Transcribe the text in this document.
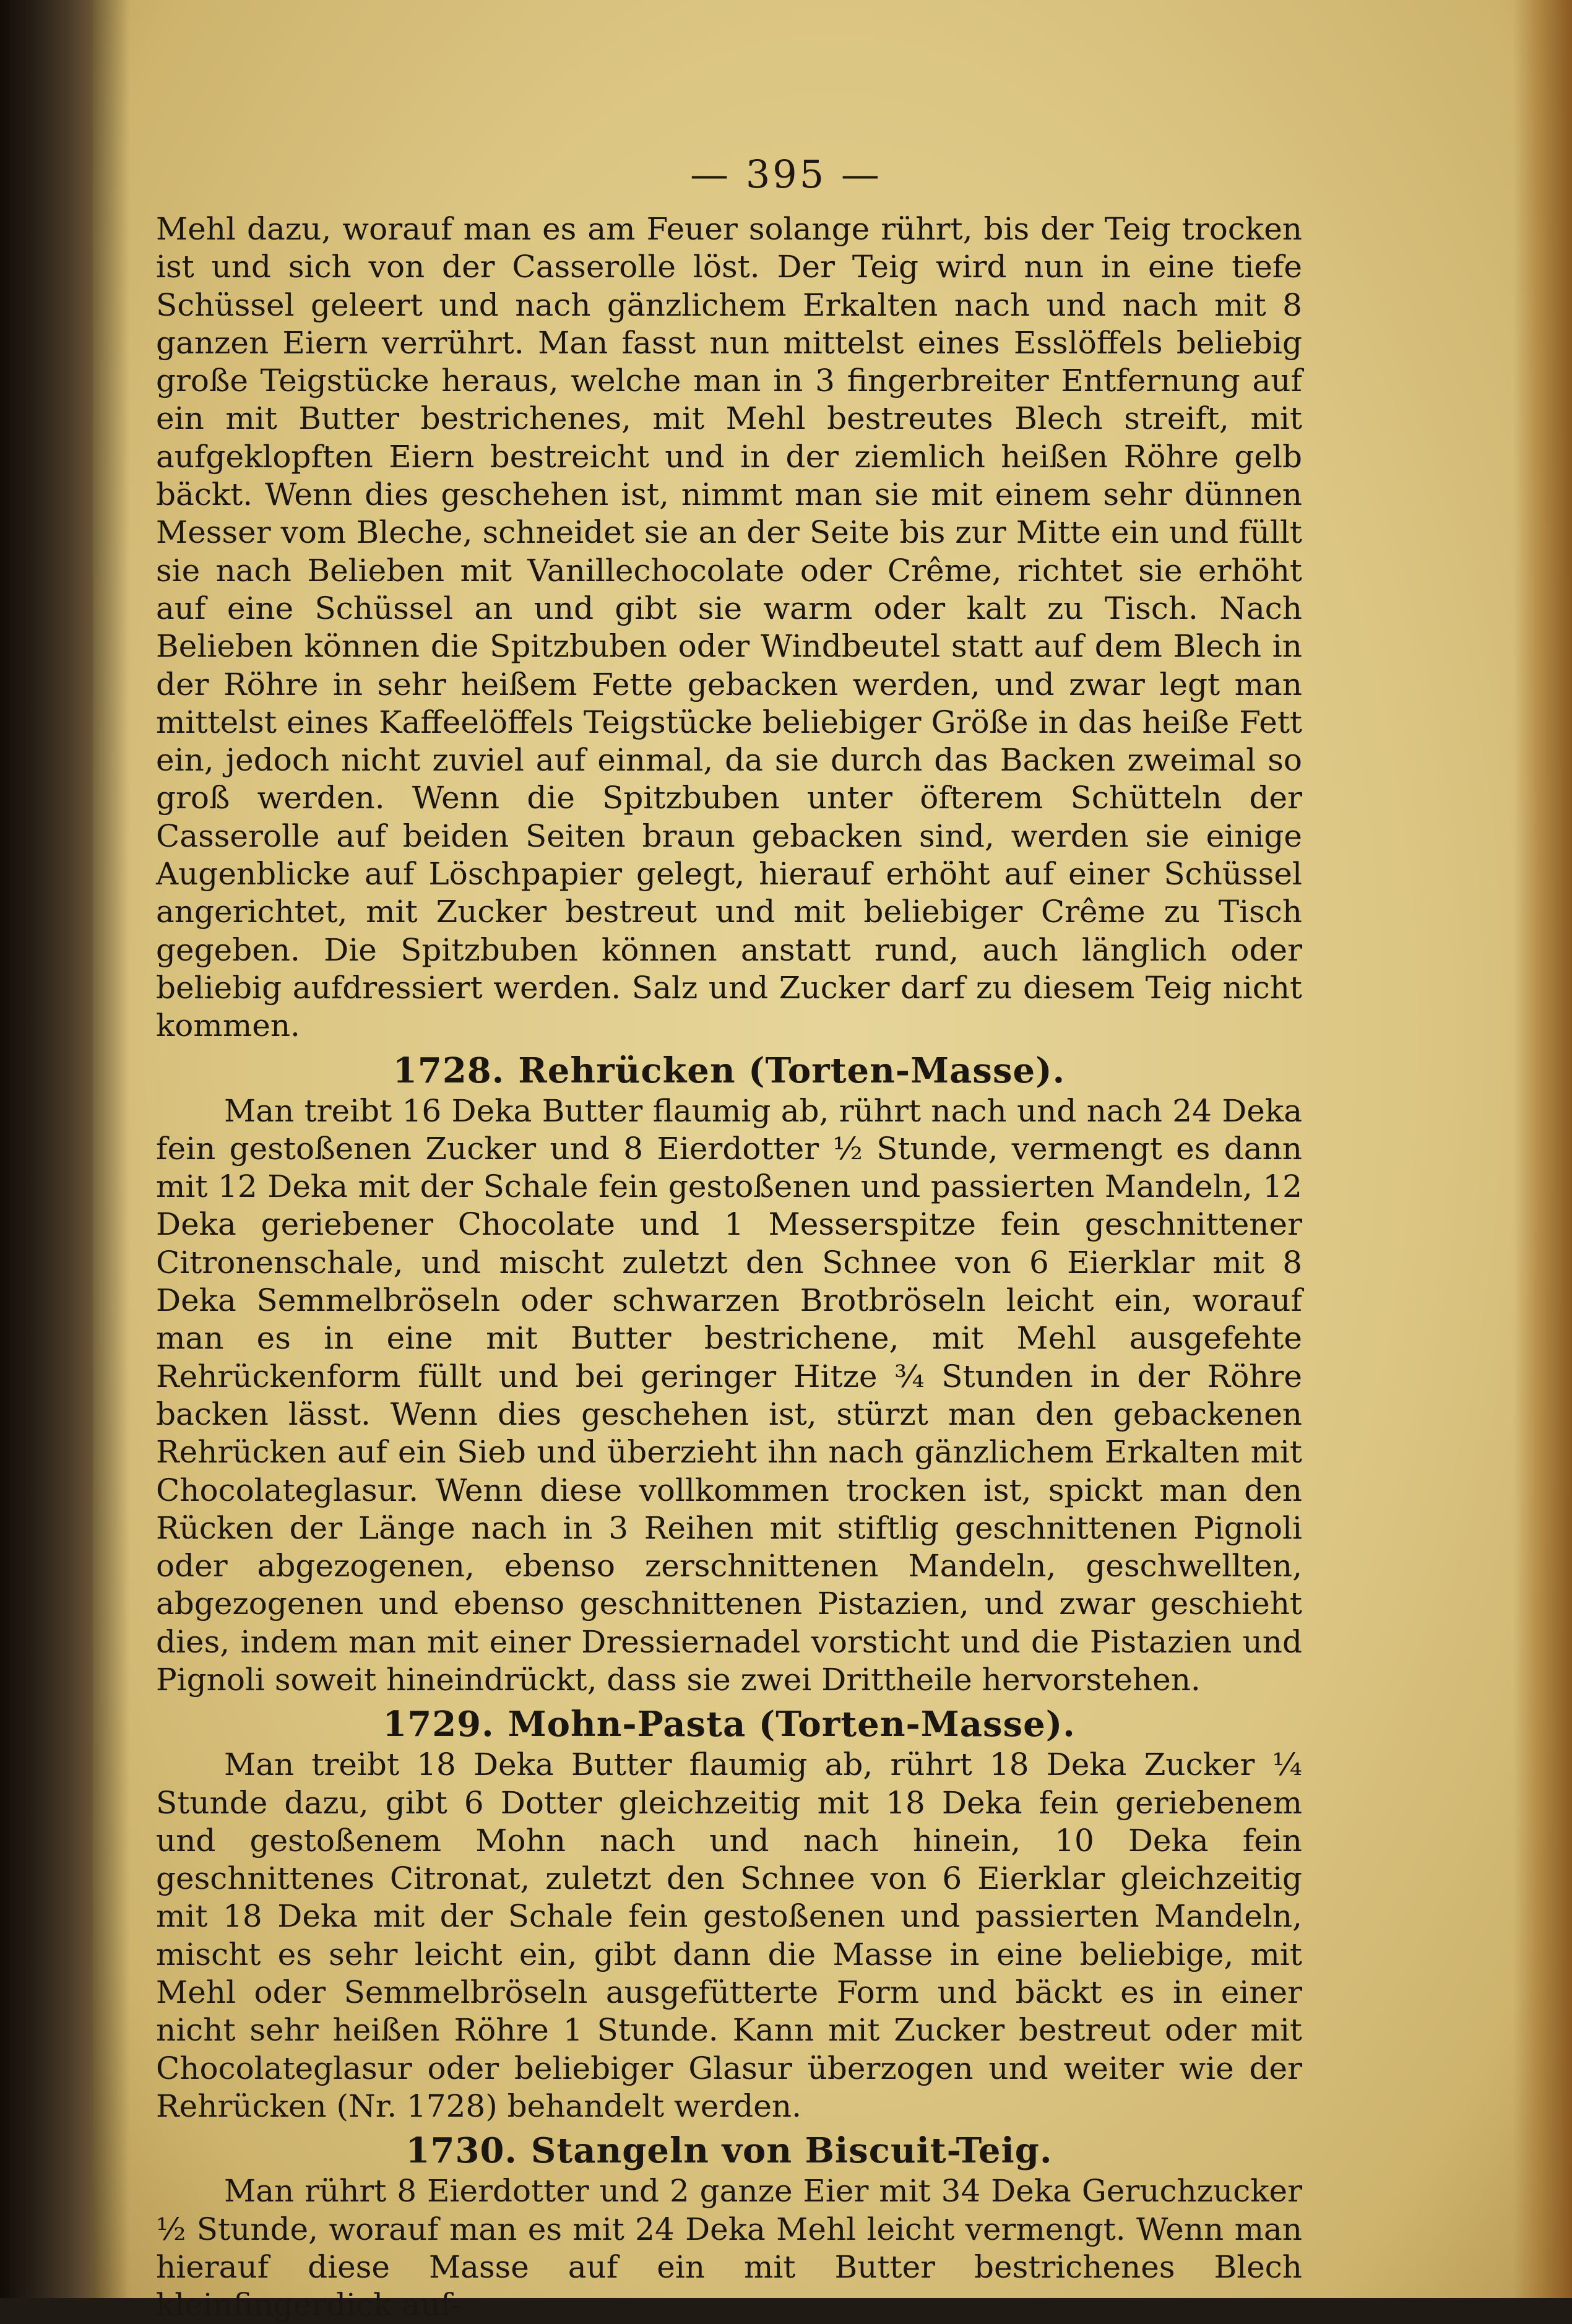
— 395 —

Mehl dazu, worauf man es am Feuer solange rührt, bis der Teig trocken ist und sich von der Casserolle löst. Der Teig wird nun in eine tiefe Schüssel geleert und nach gänzlichem Erkalten nach und nach mit 8 ganzen Eiern verrührt. Man fasst nun mittelst eines Esslöffels beliebig große Teigstücke heraus, welche man in 3 fingerbreiter Entfernung auf ein mit Butter bestrichenes, mit Mehl bestreutes Blech streift, mit aufgeklopften Eiern bestreicht und in der ziemlich heißen Röhre gelb bäckt. Wenn dies geschehen ist, nimmt man sie mit einem sehr dünnen Messer vom Bleche, schneidet sie an der Seite bis zur Mitte ein und füllt sie nach Belieben mit Vanillechocolate oder Crême, richtet sie erhöht auf eine Schüssel an und gibt sie warm oder kalt zu Tisch. Nach Belieben können die Spitzbuben oder Windbeutel statt auf dem Blech in der Röhre in sehr heißem Fette gebacken werden, und zwar legt man mittelst eines Kaffeelöffels Teigstücke beliebiger Größe in das heiße Fett ein, jedoch nicht zuviel auf einmal, da sie durch das Backen zweimal so groß werden. Wenn die Spitzbuben unter öfterem Schütteln der Casserolle auf beiden Seiten braun gebacken sind, werden sie einige Augenblicke auf Löschpapier gelegt, hierauf erhöht auf einer Schüssel angerichtet, mit Zucker bestreut und mit beliebiger Crême zu Tisch gegeben. Die Spitzbuben können anstatt rund, auch länglich oder beliebig aufdressiert werden. Salz und Zucker darf zu diesem Teig nicht kommen.

1728. Rehrücken (Torten-Masse).

Man treibt 16 Deka Butter flaumig ab, rührt nach und nach 24 Deka fein gestoßenen Zucker und 8 Eierdotter ½ Stunde, vermengt es dann mit 12 Deka mit der Schale fein gestoßenen und passierten Mandeln, 12 Deka geriebener Chocolate und 1 Messerspitze fein geschnittener Citronenschale, und mischt zuletzt den Schnee von 6 Eierklar mit 8 Deka Semmelbröseln oder schwarzen Brotbröseln leicht ein, worauf man es in eine mit Butter bestrichene, mit Mehl ausgefehte Rehrückenform füllt und bei geringer Hitze ¾ Stunden in der Röhre backen lässt. Wenn dies geschehen ist, stürzt man den gebackenen Rehrücken auf ein Sieb und überzieht ihn nach gänzlichem Erkalten mit Chocolateglasur. Wenn diese vollkommen trocken ist, spickt man den Rücken der Länge nach in 3 Reihen mit stiftlig geschnittenen Pignoli oder abgezogenen, ebenso zerschnittenen Mandeln, geschwellten, abgezogenen und ebenso geschnittenen Pistazien, und zwar geschieht dies, indem man mit einer Dressiernadel vorsticht und die Pistazien und Pignoli soweit hineindrückt, dass sie zwei Drittheile hervorstehen.

1729. Mohn-Pasta (Torten-Masse).

Man treibt 18 Deka Butter flaumig ab, rührt 18 Deka Zucker ¼ Stunde dazu, gibt 6 Dotter gleichzeitig mit 18 Deka fein geriebenem und gestoßenem Mohn nach und nach hinein, 10 Deka fein geschnittenes Citronat, zuletzt den Schnee von 6 Eierklar gleichzeitig mit 18 Deka mit der Schale fein gestoßenen und passierten Mandeln, mischt es sehr leicht ein, gibt dann die Masse in eine beliebige, mit Mehl oder Semmelbröseln ausgefütterte Form und bäckt es in einer nicht sehr heißen Röhre 1 Stunde. Kann mit Zucker bestreut oder mit Chocolateglasur oder beliebiger Glasur überzogen und weiter wie der Rehrücken (Nr. 1728) behandelt werden.

1730. Stangeln von Biscuit-Teig.

Man rührt 8 Eierdotter und 2 ganze Eier mit 34 Deka Geruchzucker ½ Stunde, worauf man es mit 24 Deka Mehl leicht vermengt. Wenn man hierauf diese Masse auf ein mit Butter bestrichenes Blech kleinfingerdick auf-
